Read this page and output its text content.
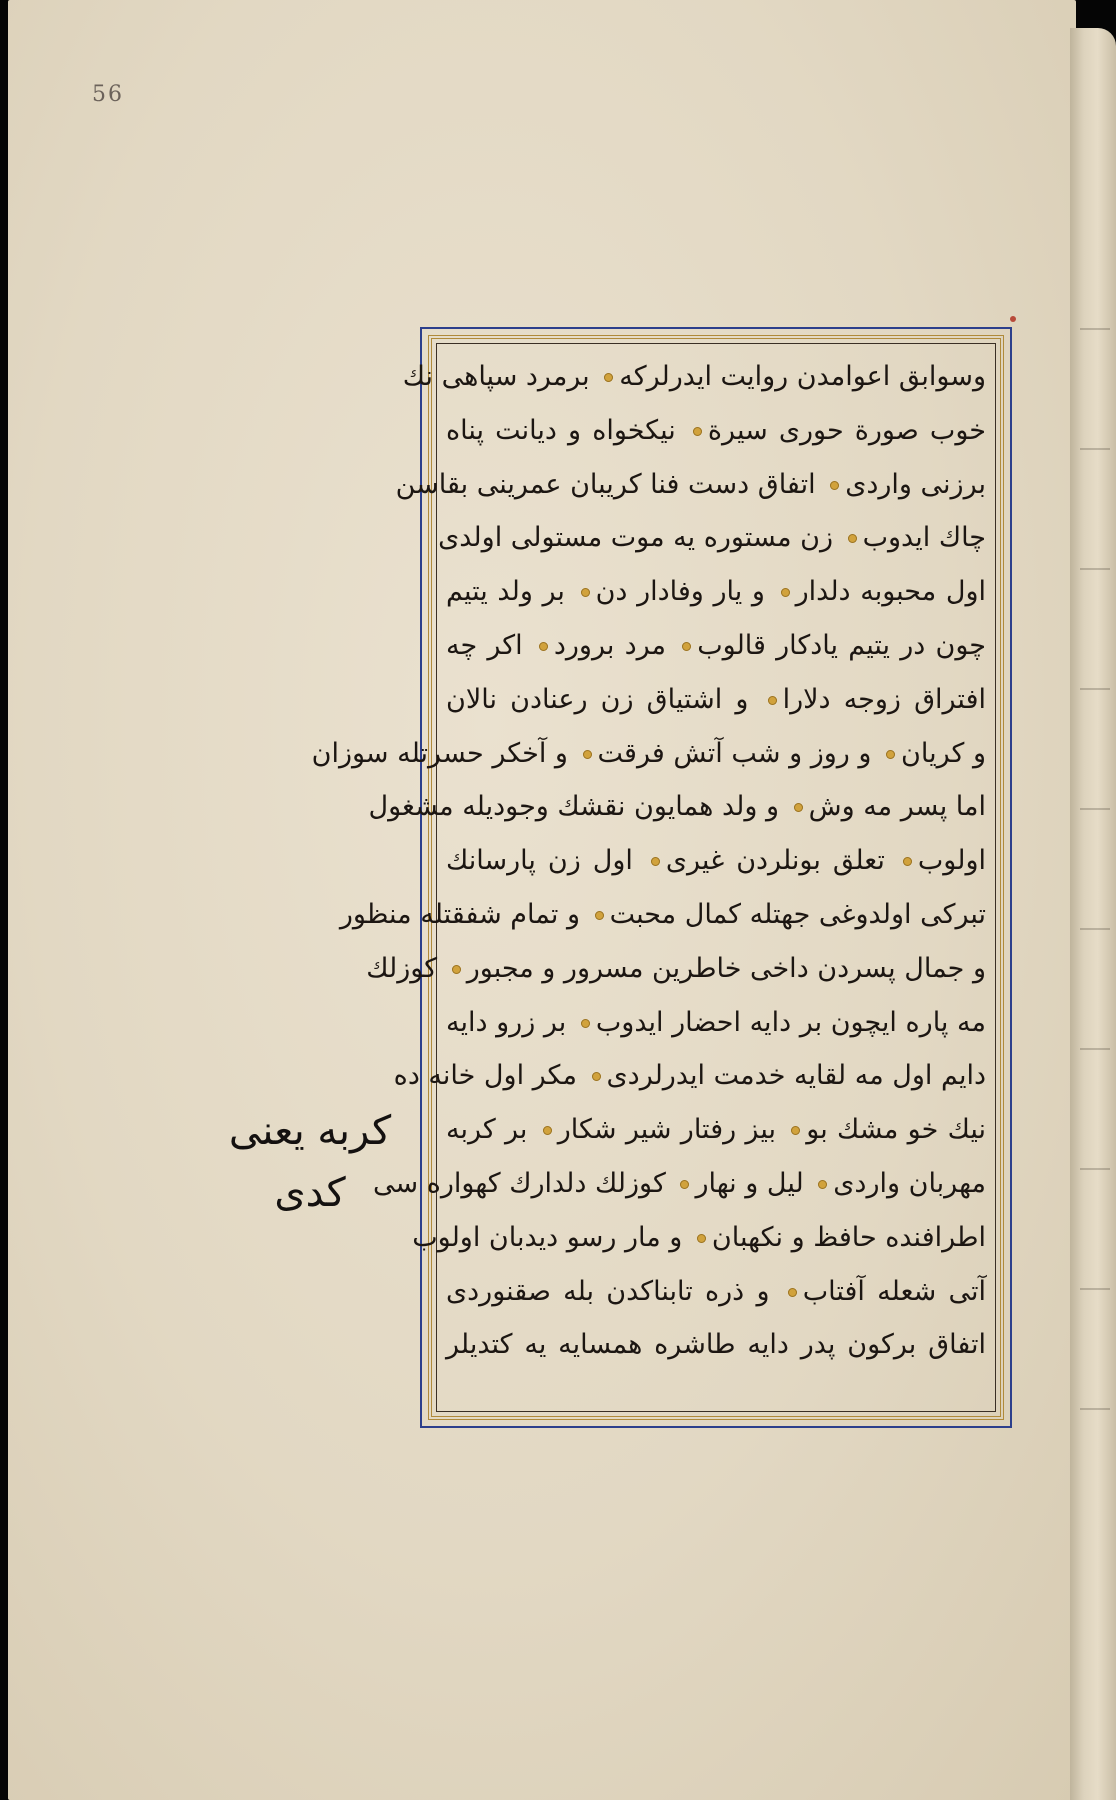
56
وسوابق اعوامدن روایت ایدرلرکه برمرد سپاهی نك
خوب صورة حوری سیرة نیكخواه و دیانت پناه
برزنی واردی اتفاق دست فنا کریبان عمرینی بقاسن
چاك ایدوب زن مستوره یه موت مستولی اولدی
اول محبوبه دلدار و یار وفادار دن بر ولد یتیم
چون در یتیم یادکار قالوب مرد برورد اکر چه
افتراق زوجه دلارا و اشتیاق زن رعنادن نالان
و کریان و روز و شب آتش فرقت و آخکر حسرتله سوزان
اما پسر مه وش و ولد همایون نقشك وجودیله مشغول
اولوب تعلق بونلردن غیری اول زن پارسانك
تبرکی اولدوغی جهتله کمال محبت و تمام شفقتله منظور
و جمال پسردن داخی خاطرین مسرور و مجبور کوزلك
مه پاره ایچون بر دایه احضار ایدوب بر زرو دایه
دایم اول مه لقایه خدمت ایدرلردی مکر اول خانه ده
نیك خو مشك بو بیز رفتار شیر شکار بر کربه
مهربان واردی لیل و نهار کوزلك دلدارك کهواره سی
اطرافنده حافظ و نکهبان و مار رسو دیدبان اولوب
آتی شعله آفتاب و ذره تابناکدن بله صقنوردی
اتفاق برکون پدر دایه طاشره همسایه یه کتدیلر
کربه یعنی
کدی
